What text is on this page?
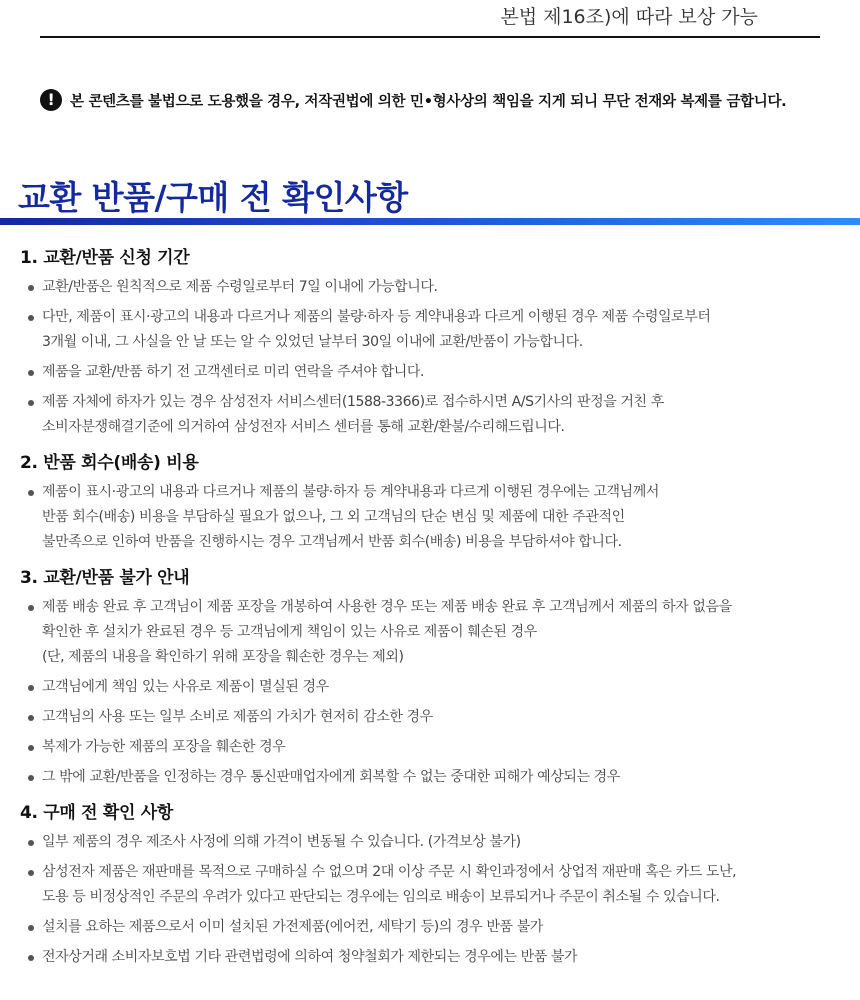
본법 제16조)에 따라 보상 가능
!	본 콘텐츠를 불법으로 도용했을 경우, 저작권법에 의한 민•형사상의 책임을 지게 되니 무단 전재와 복제를 금합니다.
교환 반품/구매 전 확인사항
1. 교환/반품 신청 기간
교환/반품은 원칙적으로 제품 수령일로부터 7일 이내에 가능합니다.
다만, 제품이 표시·광고의 내용과 다르거나 제품의 불량·하자 등 계약내용과 다르게 이행된 경우 제품 수령일로부터
3개월 이내, 그 사실을 안 날 또는 알 수 있었던 날부터 30일 이내에 교환/반품이 가능합니다.
제품을 교환/반품 하기 전 고객센터로 미리 연락을 주셔야 합니다.
제품 자체에 하자가 있는 경우 삼성전자 서비스센터(1588-3366)로 접수하시면 A/S기사의 판정을 거친 후
소비자분쟁해결기준에 의거하여 삼성전자 서비스 센터를 통해 교환/환불/수리해드립니다.
2. 반품 회수(배송) 비용
제품이 표시·광고의 내용과 다르거나 제품의 불량·하자 등 계약내용과 다르게 이행된 경우에는 고객님께서
반품 회수(배송) 비용을 부담하실 필요가 없으나, 그 외 고객님의 단순 변심 및 제품에 대한 주관적인
불만족으로 인하여 반품을 진행하시는 경우 고객님께서 반품 회수(배송) 비용을 부담하셔야 합니다.
3. 교환/반품 불가 안내
제품 배송 완료 후 고객님이 제품 포장을 개봉하여 사용한 경우 또는 제품 배송 완료 후 고객님께서 제품의 하자 없음을
확인한 후 설치가 완료된 경우 등 고객님에게 책임이 있는 사유로 제품이 훼손된 경우
(단, 제품의 내용을 확인하기 위해 포장을 훼손한 경우는 제외)
고객님에게 책임 있는 사유로 제품이 멸실된 경우
고객님의 사용 또는 일부 소비로 제품의 가치가 현저히 감소한 경우
복제가 가능한 제품의 포장을 훼손한 경우
그 밖에 교환/반품을 인정하는 경우 통신판매업자에게 회복할 수 없는 중대한 피해가 예상되는 경우
4. 구매 전 확인 사항
일부 제품의 경우 제조사 사정에 의해 가격이 변동될 수 있습니다. (가격보상 불가)
삼성전자 제품은 재판매를 목적으로 구매하실 수 없으며 2대 이상 주문 시 확인과정에서 상업적 재판매 혹은 카드 도난,
도용 등 비정상적인 주문의 우려가 있다고 판단되는 경우에는 임의로 배송이 보류되거나 주문이 취소될 수 있습니다.
설치를 요하는 제품으로서 이미 설치된 가전제품(에어컨, 세탁기 등)의 경우 반품 불가
전자상거래 소비자보호법 기타 관련법령에 의하여 청약철회가 제한되는 경우에는 반품 불가
